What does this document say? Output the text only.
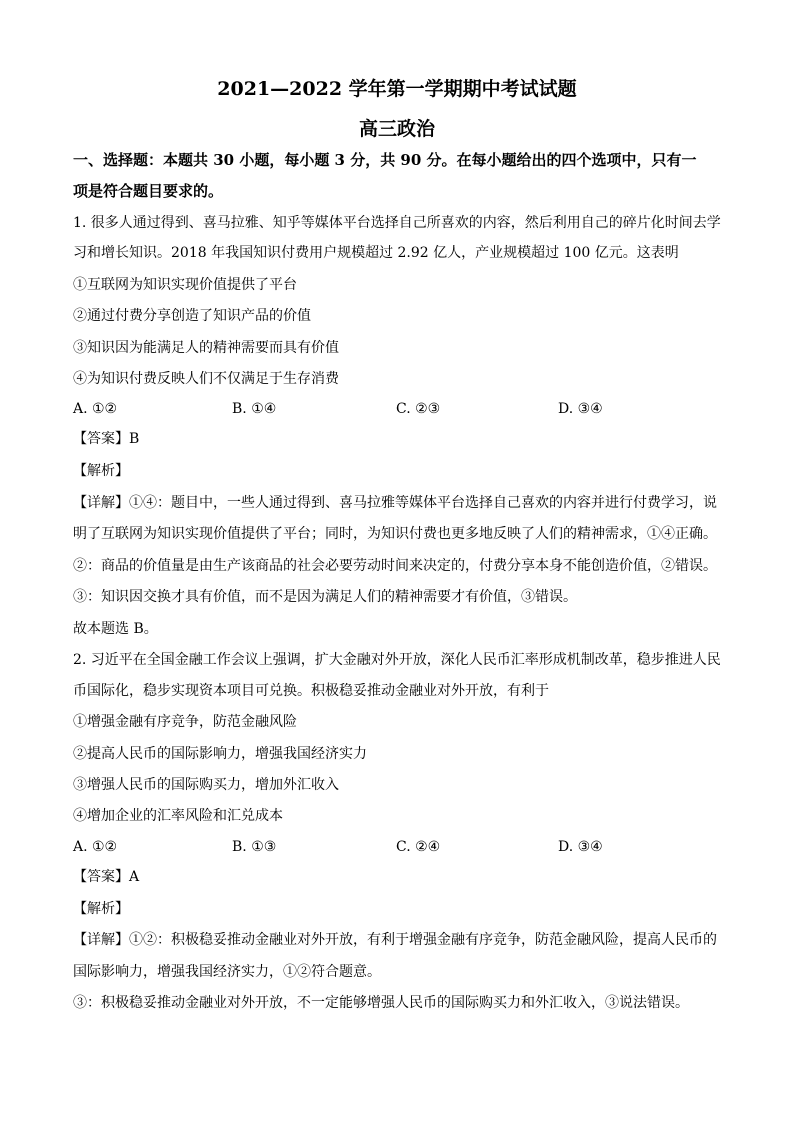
2021—2022 学年第一学期期中考试试题
高三政治
一、选择题：本题共 30 小题，每小题 3 分，共 90 分。在每小题给出的四个选项中，只有一
项是符合题目要求的。
1. 很多人通过得到、喜马拉雅、知乎等媒体平台选择自己所喜欢的内容，然后利用自己的碎片化时间去学
习和增长知识。2018 年我国知识付费用户规模超过 2.92 亿人，产业规模超过 100 亿元。这表明
①互联网为知识实现价值提供了平台
②通过付费分享创造了知识产品的价值
③知识因为能满足人的精神需要而具有价值
④为知识付费反映人们不仅满足于生存消费
A. ①②	B. ①④	C. ②③	D. ③④
【答案】B
【解析】
【详解】①④：题目中，一些人通过得到、喜马拉雅等媒体平台选择自己喜欢的内容并进行付费学习，说
明了互联网为知识实现价值提供了平台；同时，为知识付费也更多地反映了人们的精神需求，①④正确。
②：商品的价值量是由生产该商品的社会必要劳动时间来决定的，付费分享本身不能创造价值，②错误。
③：知识因交换才具有价值，而不是因为满足人们的精神需要才有价值，③错误。
故本题选 B。
2. 习近平在全国金融工作会议上强调，扩大金融对外开放，深化人民币汇率形成机制改革，稳步推进人民
币国际化，稳步实现资本项目可兑换。积极稳妥推动金融业对外开放，有利于
①增强金融有序竞争，防范金融风险
②提高人民币的国际影响力，增强我国经济实力
③增强人民币的国际购买力，增加外汇收入
④增加企业的汇率风险和汇兑成本
A. ①②	B. ①③	C. ②④	D. ③④
【答案】A
【解析】
【详解】①②：积极稳妥推动金融业对外开放，有利于增强金融有序竞争，防范金融风险，提高人民币的
国际影响力，增强我国经济实力，①②符合题意。
③：积极稳妥推动金融业对外开放，不一定能够增强人民币的国际购买力和外汇收入，③说法错误。
